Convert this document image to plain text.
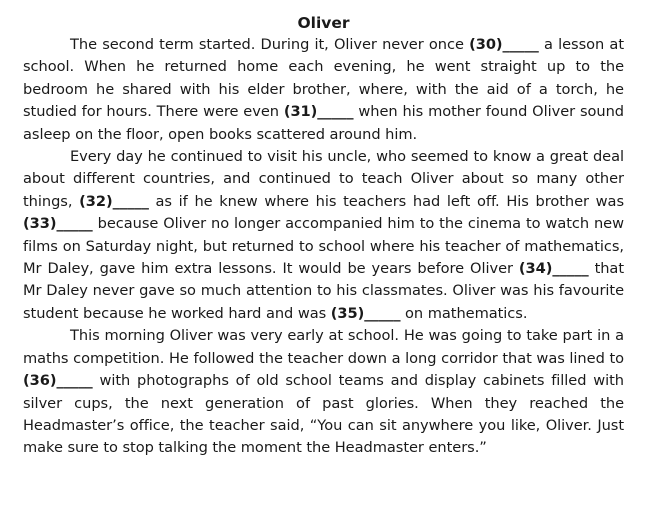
Oliver

The second term started. During it, Oliver never once (30)_____ a lesson at school. When he returned home each evening, he went straight up to the bedroom he shared with his elder brother, where, with the aid of a torch, he studied for hours. There were even (31)_____ when his mother found Oliver sound asleep on the floor, open books scattered around him.

Every day he continued to visit his uncle, who seemed to know a great deal about different countries, and continued to teach Oliver about so many other things, (32)_____ as if he knew where his teachers had left off. His brother was (33)_____ because Oliver no longer accompanied him to the cinema to watch new films on Saturday night, but returned to school where his teacher of mathematics, Mr Daley, gave him extra lessons. It would be years before Oliver (34)_____ that Mr Daley never gave so much attention to his classmates. Oliver was his favourite student because he worked hard and was (35)_____ on mathematics.

This morning Oliver was very early at school. He was going to take part in a maths competition. He followed the teacher down a long corridor that was lined to (36)_____ with photographs of old school teams and display cabinets filled with silver cups, the next generation of past glories. When they reached the Headmaster’s office, the teacher said, “You can sit anywhere you like, Oliver. Just make sure to stop talking the moment the Headmaster enters.”
